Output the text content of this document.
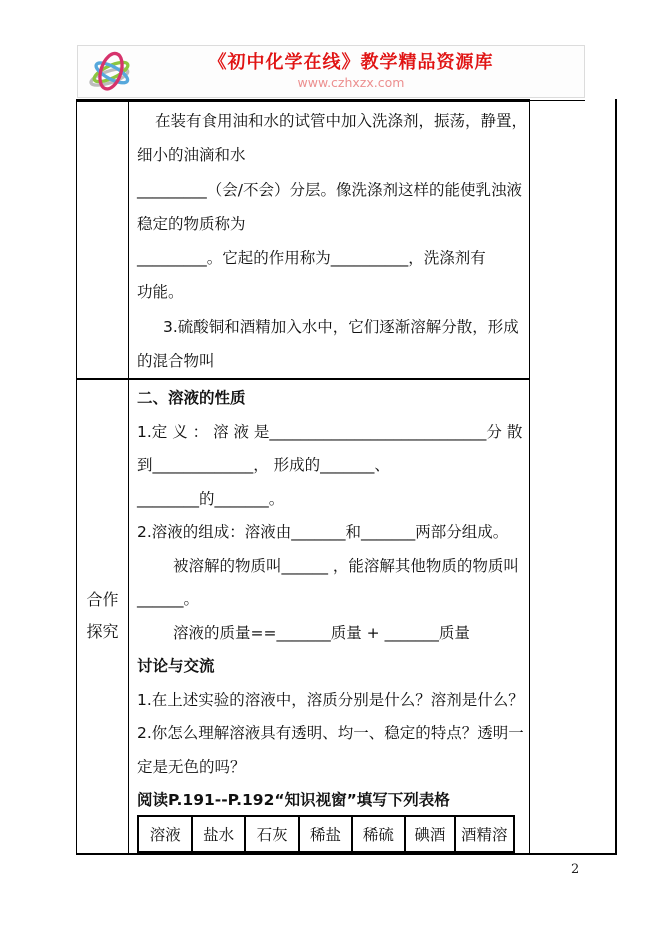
《初中化学在线》教学精品资源库
www.czhxzx.com
在装有食用油和水的试管中加入洗涤剂，振荡，静置，
细小的油滴和水
_________（会/不会）分层。像洗涤剂这样的能使乳浊液
稳定的物质称为
_________。它起的作用称为__________，洗涤剂有
功能。
3.硫酸铜和酒精加入水中，它们逐渐溶解分散，形成
的混合物叫
合作
探究
二、溶液的性质
1.定 义 ： 溶 液 是____________________________分 散
到_____________， 形成的_______、
________的_______。
2.溶液的组成：溶液由_______和_______两部分组成。
被溶解的物质叫______ ，能溶解其他物质的物质叫
______。
溶液的质量==_______质量 + _______质量
讨论与交流
1.在上述实验的溶液中，溶质分别是什么？溶剂是什么？
2.你怎么理解溶液具有透明、均一、稳定的特点？透明一
定是无色的吗？
阅读P.191--P.192“知识视窗”填写下列表格
溶液	盐水	石灰	稀盐	稀硫	碘酒	酒精溶
2
